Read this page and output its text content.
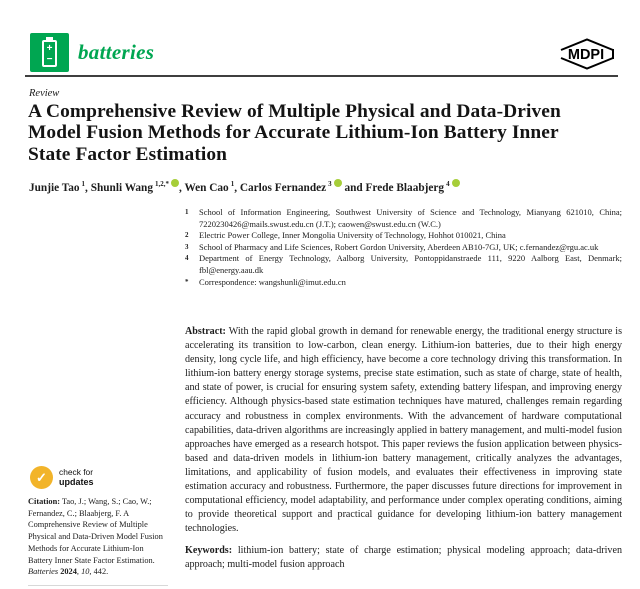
+
− batteries	MDPI
Review
A Comprehensive Review of Multiple Physical and Data-Driven
Model Fusion Methods for Accurate Lithium-Ion Battery Inner
State Factor Estimation
Junjie Tao $^1$, Shunli Wang $^{1,2,*}$ , Wen Cao $^1$, Carlos Fernandez $^3$ and Frede Blaabjerg $^4$
1	School of Information Engineering, Southwest University of Science and Technology, Mianyang 621010, China; 7220230426@mails.swust.edu.cn (J.T.); caowen@swust.edu.cn (W.C.)
2	Electric Power College, Inner Mongolia University of Technology, Hohhot 010021, China
3	School of Pharmacy and Life Sciences, Robert Gordon University, Aberdeen AB10-7GJ, UK; c.fernandez@rgu.ac.uk
4	Department of Energy Technology, Aalborg University, Pontoppidanstraede 111, 9220 Aalborg East, Denmark; fbl@energy.aau.dk
*	Correspondence: wangshunli@imut.edu.cn

Abstract: With the rapid global growth in demand for renewable energy, the traditional energy structure is accelerating its transition to low-carbon, clean energy. Lithium-ion batteries, due to their high energy density, long cycle life, and high efficiency, have become a core technology driving this transformation. In lithium-ion battery energy storage systems, precise state estimation, such as state of charge, state of health, and state of power, is crucial for ensuring system safety, extending battery lifespan, and improving energy efficiency. Although physics-based state estimation techniques have matured, challenges remain regarding accuracy and robustness in complex environments. With the advancement of hardware computational capabilities, data-driven algorithms are increasingly applied in battery management, and multi-model fusion approaches have emerged as a research hotspot. This paper reviews the fusion application between physics-based and data-driven models in lithium-ion battery management, critically analyzes the advantages, limitations, and applicability of fusion models, and evaluates their effectiveness in improving state estimation accuracy and robustness. Furthermore, the paper discusses future directions for improvement in computational efficiency, model adaptability, and performance under complex operating conditions, aiming to provide theoretical support and practical guidance for developing lithium-ion battery management technologies.

Keywords: lithium-ion battery; state of charge estimation; physical modeling approach; data-driven approach; multi-model fusion approach

✓ check for
updates
Citation: Tao, J.; Wang, S.; Cao, W.; Fernandez, C.; Blaabjerg, F. A Comprehensive Review of Multiple Physical and Data-Driven Model Fusion Methods for Accurate Lithium-Ion Battery Inner State Factor Estimation. Batteries 2024, 10, 442.
